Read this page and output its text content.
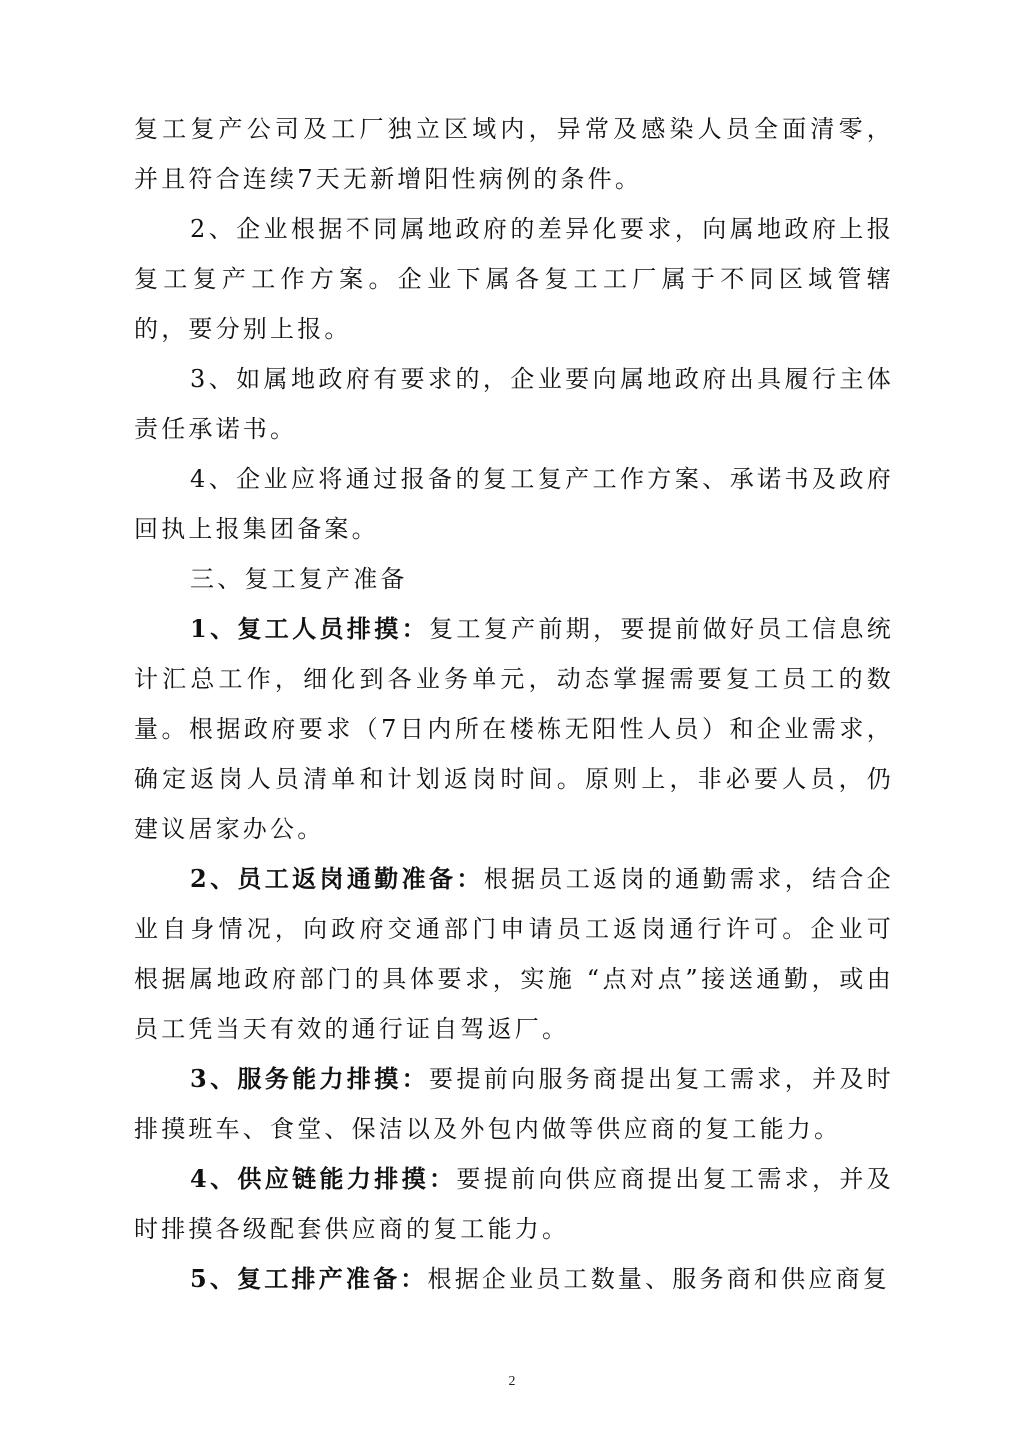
复工复产公司及工厂独立区域内，异常及感染人员全面清零，并且符合连续7天无新增阳性病例的条件。

2、企业根据不同属地政府的差异化要求，向属地政府上报复工复产工作方案。企业下属各复工工厂属于不同区域管辖的，要分别上报。

3、如属地政府有要求的，企业要向属地政府出具履行主体责任承诺书。

4、企业应将通过报备的复工复产工作方案、承诺书及政府回执上报集团备案。

三、复工复产准备

1、复工人员排摸：复工复产前期，要提前做好员工信息统计汇总工作，细化到各业务单元，动态掌握需要复工员工的数量。根据政府要求（7日内所在楼栋无阳性人员）和企业需求，确定返岗人员清单和计划返岗时间。原则上，非必要人员，仍建议居家办公。

2、员工返岗通勤准备：根据员工返岗的通勤需求，结合企业自身情况，向政府交通部门申请员工返岗通行许可。企业可根据属地政府部门的具体要求，实施 “点对点”接送通勤，或由员工凭当天有效的通行证自驾返厂。

3、服务能力排摸：要提前向服务商提出复工需求，并及时排摸班车、食堂、保洁以及外包内做等供应商的复工能力。

4、供应链能力排摸：要提前向供应商提出复工需求，并及时排摸各级配套供应商的复工能力。

5、复工排产准备：根据企业员工数量、服务商和供应商复

2
